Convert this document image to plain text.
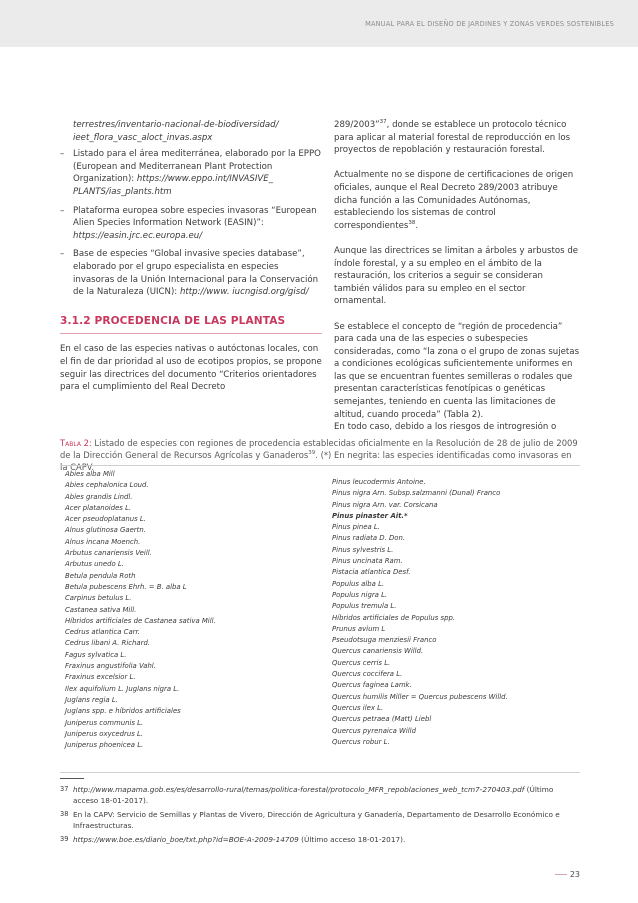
MANUAL PARA EL DISEÑO DE JARDINES Y ZONAS VERDES SOSTENIBLES

terrestres/inventario-nacional-de-biodiversidad/

ieet_flora_vasc_aloct_invas.aspx

– Listado para el área mediterránea, elaborado por la EPPO (European and Mediterranean Plant Protection Organization): https://www.eppo.int/INVASIVE_ PLANTS/ias_plants.htm
– Plataforma europea sobre especies invasoras “European Alien Species Information Network (EASIN)”: https://easin.jrc.ec.europa.eu/
– Base de especies “Global invasive species database”, elaborado por el grupo especialista en especies invasoras de la Unión Internacional para la Conservación de la Naturaleza (UICN): http://www. iucngisd.org/gisd/
3.1.2 PROCEDENCIA DE LAS PLANTAS

En el caso de las especies nativas o autóctonas locales, con el fin de dar prioridad al uso de ecotipos propios, se propone seguir las directrices del documento “Criterios orientadores para el cumplimiento del Real Decreto

289/2003”$^{37}$, donde se establece un protocolo técnico para aplicar al material forestal de reproducción en los proyectos de repoblación y restauración forestal.

Actualmente no se dispone de certificaciones de origen oficiales, aunque el Real Decreto 289/2003 atribuye dicha función a las Comunidades Autónomas, estableciendo los sistemas de control correspondientes$^{38}$.

Aunque las directrices se limitan a árboles y arbustos de índole forestal, y a su empleo en el ámbito de la restauración, los criterios a seguir se consideran también válidos para su empleo en el sector ornamental.

Se establece el concepto de “región de procedencia” para cada una de las especies o subespecies consideradas, como “la zona o el grupo de zonas sujetas a condiciones ecológicas suficientemente uniformes en las que se encuentran fuentes semilleras o rodales que presentan características fenotípicas o genéticas semejantes, teniendo en cuenta las limitaciones de altitud, cuando proceda” (Tabla 2).

En todo caso, debido a los riesgos de introgresión o

Tabla 2: Listado de especies con regiones de procedencia establecidas oficialmente en la Resolución de 28 de julio de 2009 de la Dirección General de Recursos Agrícolas y Ganaderos$^{39}$. (*) En negrita: las especies identificadas como invasoras en la CAPV.
Abies alba Mill
Abies cephalonica Loud.
Abies grandis Lindl.
Acer platanoides L.
Acer pseudoplatanus L.
Alnus glutinosa Gaertn.
Alnus incana Moench.
Arbutus canariensis Veill.
Arbutus unedo L.
Betula pendula Roth
Betula pubescens Ehrh. = B. alba L
Carpinus betulus L.
Castanea sativa Mill.
Híbridos artificiales de Castanea sativa Mill.
Cedrus atlantica Carr.
Cedrus libani A. Richard.
Fagus sylvatica L.
Fraxinus angustifolia Vahl.
Fraxinus excelsior L.
Ilex aquifolium L. Juglans nigra L.
Juglans regia L.
Juglans spp. e híbridos artificiales
Juniperus communis L.
Juniperus oxycedrus L.
Juniperus phoenicea L.
Pinus leucodermis Antoine.
Pinus nigra Arn. Subsp.salzmanni (Dunal) Franco
Pinus nigra Arn. var. Corsicana
Pinus pinaster Ait.*
Pinus pinea L.
Pinus radiata D. Don.
Pinus sylvestris L.
Pinus uncinata Ram.
Pistacia atlantica Desf.
Populus alba L.
Populus nigra L.
Populus tremula L.
Híbridos artificiales de Populus spp.
Prunus avium L
Pseudotsuga menziesii Franco
Quercus canariensis Willd.
Quercus cerris L.
Quercus coccifera L.
Quercus faginea Lamk.
Quercus humilis Miller = Quercus pubescens Willd.
Quercus ilex L.
Quercus petraea (Matt) Liebl
Quercus pyrenaica Willd
Quercus robur L.
37 http://www.mapama.gob.es/es/desarrollo-rural/temas/politica-forestal/protocolo_MFR_repoblaciones_web_tcm7-270403.pdf (Último acceso 18-01-2017).
38 En la CAPV: Servicio de Semillas y Plantas de Vivero, Dirección de Agricultura y Ganadería, Departamento de Desarrollo Económico e Infraestructuras.
39 https://www.boe.es/diario_boe/txt.php?id=BOE-A-2009-14709 (Último acceso 18-01-2017).
23
